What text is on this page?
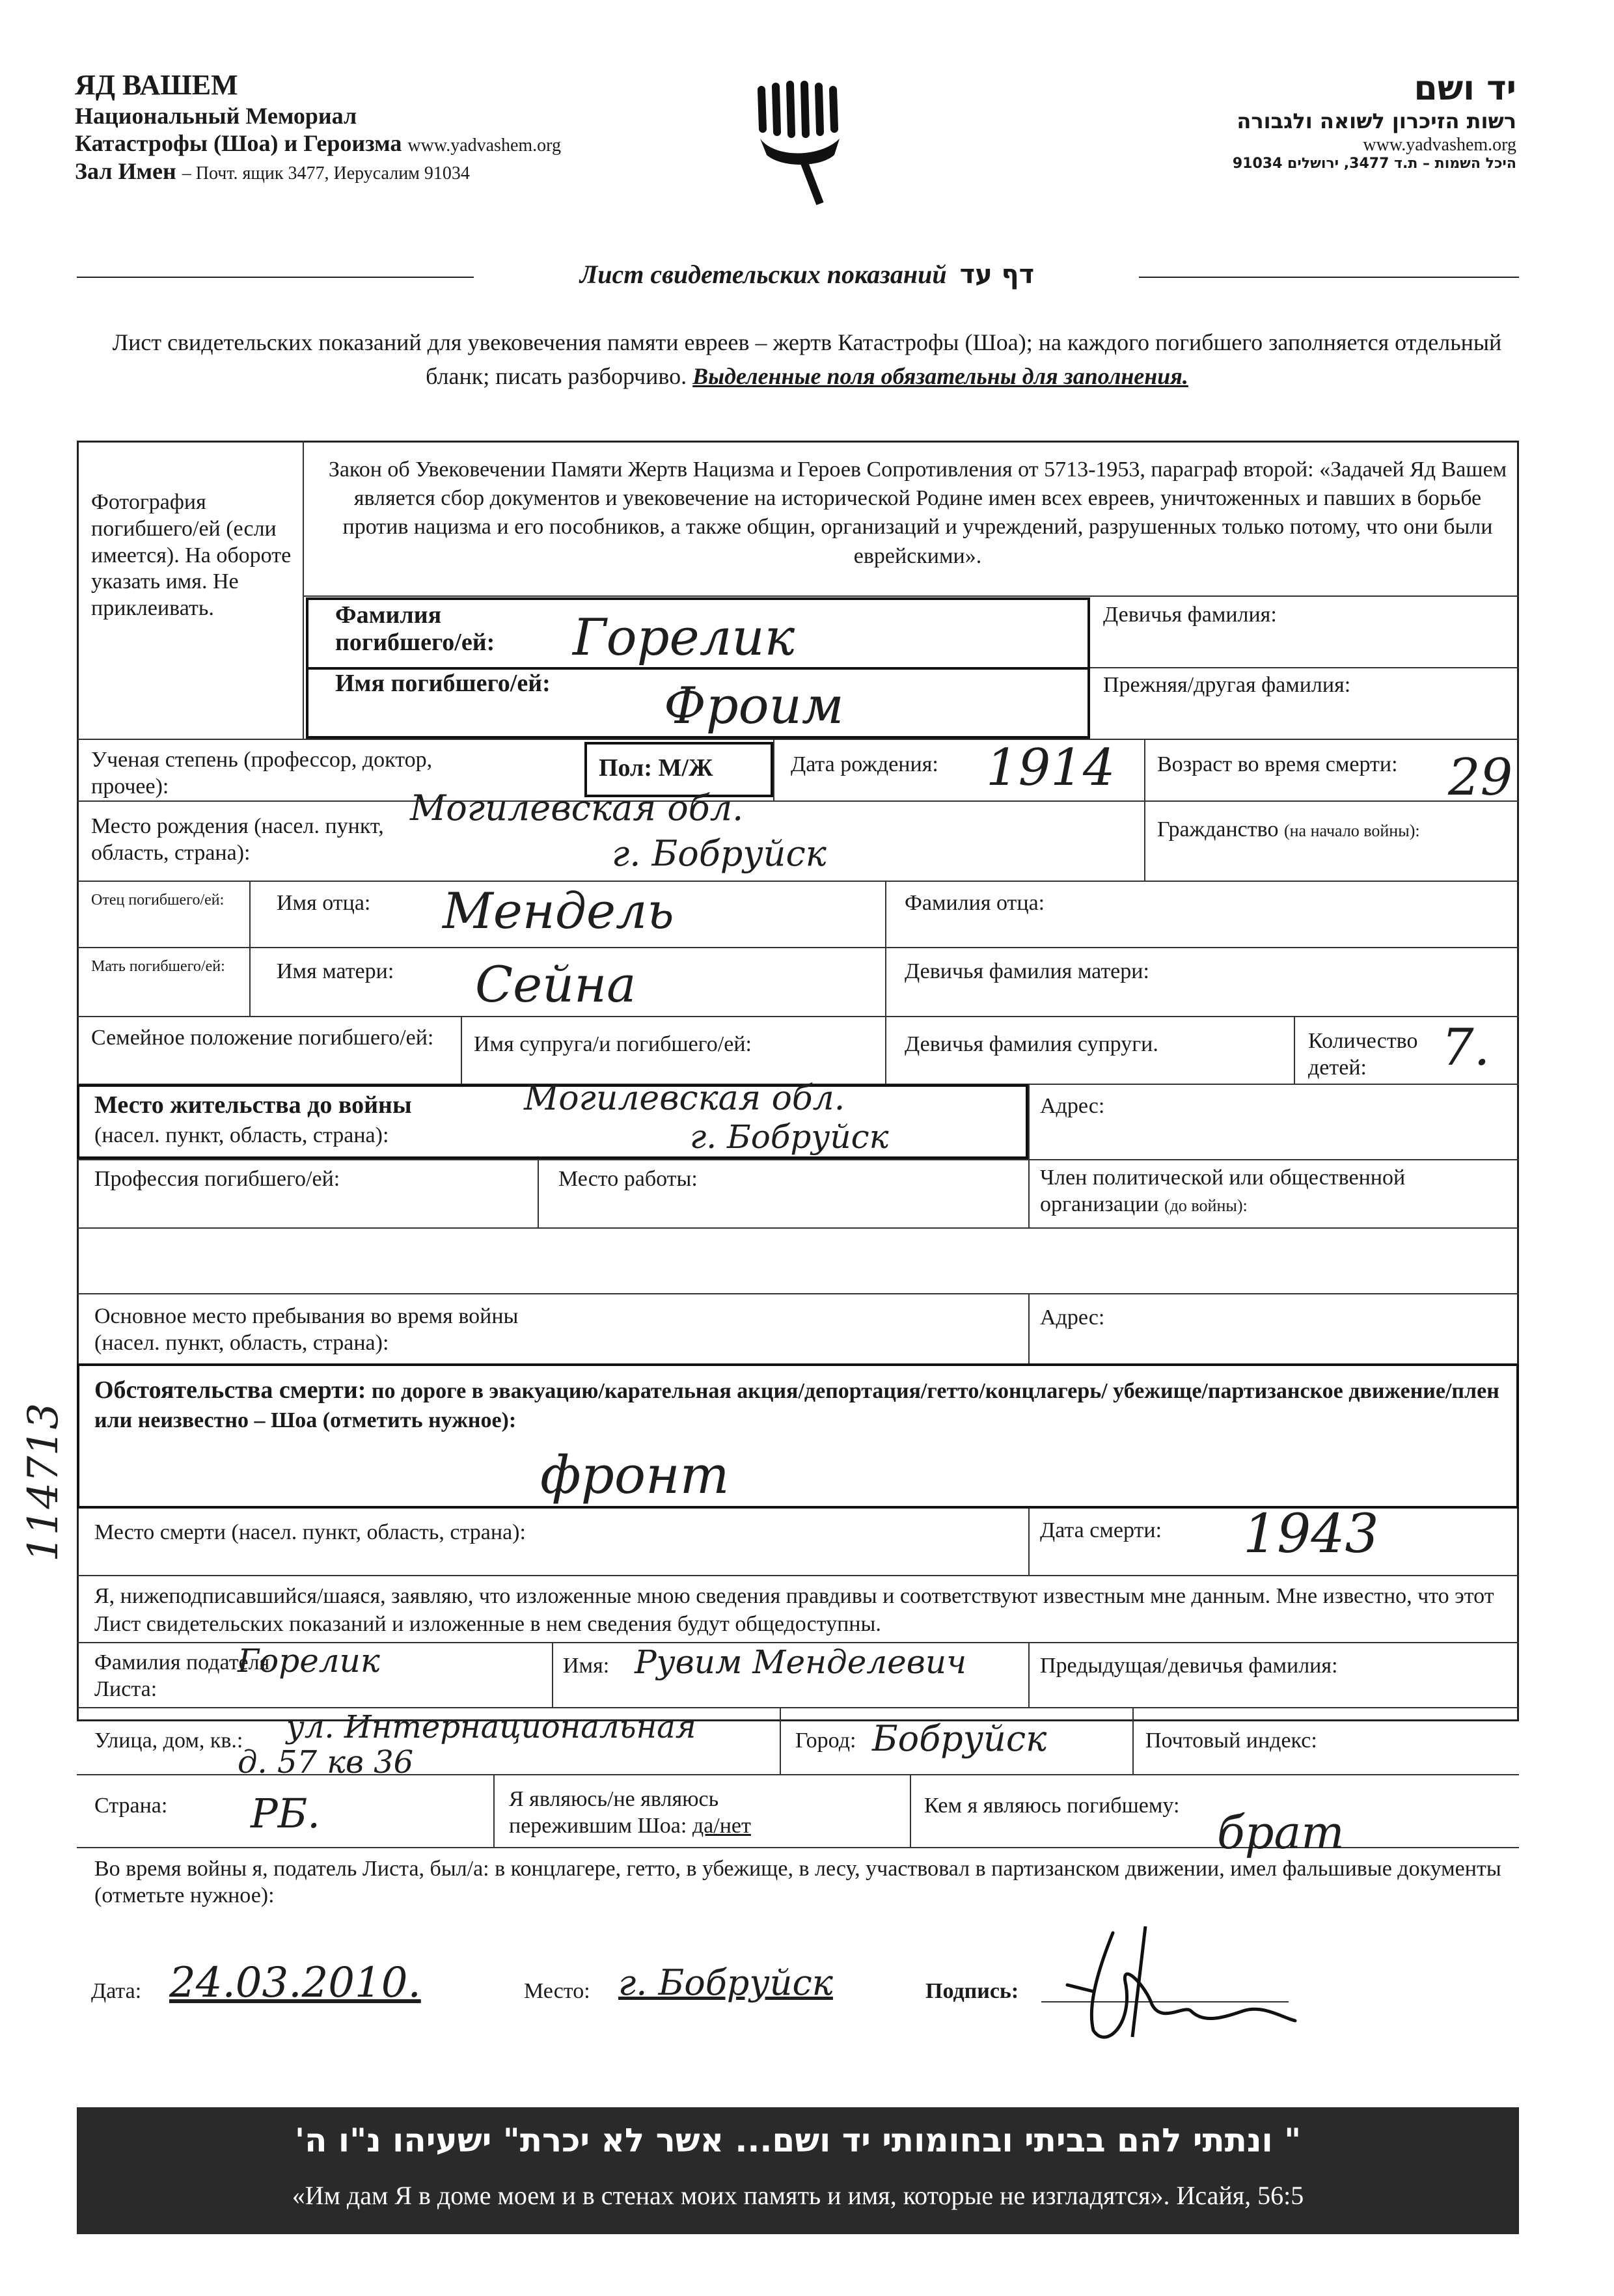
ЯД ВАШЕМ
Национальный Мемориал
Катастрофы (Шоа) и Героизма www.yadvashem.org
Зал Имен – Почт. ящик 3477, Иерусалим 91034
יד ושם
רשות הזיכרון לשואה ולגבורה
www.yadvashem.org
היכל השמות – ת.ד 3477, ירושלים 91034
Лист свидетельских показаний דף עד
Лист свидетельских показаний для увековечения памяти евреев – жертв Катастрофы (Шоа); на каждого погибшего заполняется отдельный бланк; писать разборчиво. Выделенные поля обязательны для заполнения.
Фотография погибшего/ей (если имеется). На обороте указать имя. Не приклеивать.
Закон об Увековечении Памяти Жертв Нацизма и Героев Сопротивления от 5713-1953, параграф второй: «Задачей Яд Вашем является сбор документов и увековечение на исторической Родине имен всех евреев, уничтоженных и павших в борьбе против нацизма и его пособников, а также общин, организаций и учреждений, разрушенных только потому, что они были еврейскими».
Фамилия погибшего/ей:	Горелик	Девичья фамилия:
Имя погибшего/ей:	Фроим	Прежняя/другая фамилия:
Ученая степень (профессор, доктор, прочее):
Пол: М/Ж	Дата рождения: 1914 Возраст во время смерти: 29
Место рождения (насел. пункт, область, страна):
Могилевская обл.
г. Бобруйск
Гражданство (на начало войны):
Отец погибшего/ей:	Имя отца: Мендель	Фамилия отца:
Мать погибшего/ей:	Имя матери: Сейна	Девичья фамилия матери:
Семейное положение погибшего/ей:	Имя супруга/и погибшего/ей:	Девичья фамилия супруги.	Количество детей:	7.
Место жительства до войны
(насел. пункт, область, страна):
Могилевская обл.
г. Бобруйск
Адрес:
Профессия погибшего/ей:	Место работы:	Член политической или общественной организации (до войны):
Основное место пребывания во время войны (насел. пункт, область, страна):
Адрес:
Обстоятельства смерти: по дороге в эвакуацию/карательная акция/депортация/гетто/концлагерь/ убежище/партизанское движение/плен или неизвестно – Шоа (отметить нужное):
фронт
Место смерти (насел. пункт, область, страна):	Дата смерти: 1943
Я, нижеподписавшийся/шаяся, заявляю, что изложенные мною сведения правдивы и соответствуют известным мне данным. Мне известно, что этот Лист свидетельских показаний и изложенные в нем сведения будут общедоступны.
Фамилия подателя Листа:
Горелик	Имя: Рувим Менделевич	Предыдущая/девичья фамилия:
Улица, дом, кв.: ул. Интернациональная
д. 57 кв 36
Город: Бобруйск	Почтовый индекс:
Страна: РБ.	Я являюсь/не являюсь
пережившим Шоа: да/нет
Кем я являюсь погибшему:
брат
Во время войны я, податель Листа, был/а: в концлагере, гетто, в убежище, в лесу, участвовал в партизанском движении, имел фальшивые документы (отметьте нужное):
Дата: 24.03.2010.	Место: г. Бобруйск	Подпись:
" ונתתי להם בביתי ובחומותי יד ושם... אשר לא יכרת" ישעיהו נ"ו ה'
«Им дам Я в доме моем и в стенах моих память и имя, которые не изгладятся». Исайя, 56:5
114713
